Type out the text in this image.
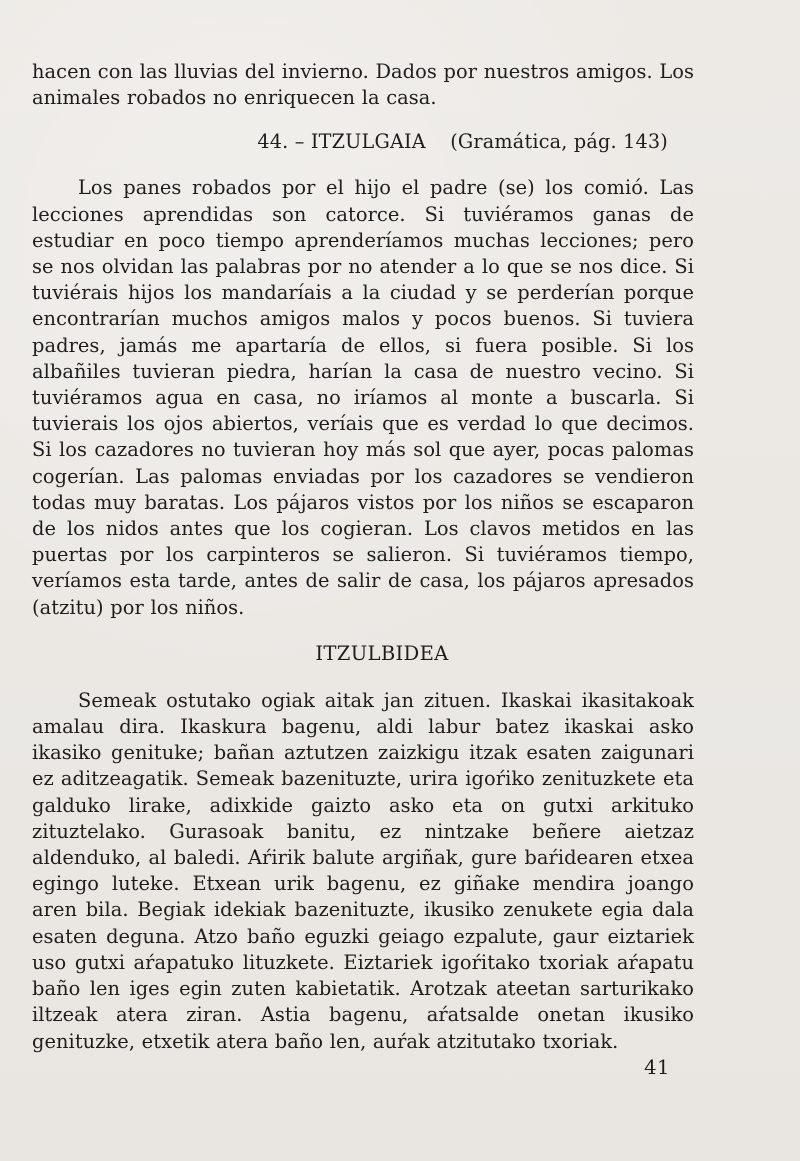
hacen con las lluvias del invierno. Dados por nuestros amigos. Los animales robados no enriquecen la casa.

44. – ITZULGAIA (Gramática, pág. 143)

Los panes robados por el hijo el padre (se) los comió. Las lecciones aprendidas son catorce. Si tuviéramos ganas de estudiar en poco tiempo aprenderíamos muchas lecciones; pero se nos olvidan las palabras por no atender a lo que se nos dice. Si tuviérais hijos los mandaríais a la ciudad y se perderían porque encontrarían muchos amigos malos y pocos buenos. Si tuviera padres, jamás me apartaría de ellos, si fuera posible. Si los albañiles tuvieran piedra, harían la casa de nuestro vecino. Si tuviéramos agua en casa, no iríamos al monte a buscarla. Si tuvierais los ojos abiertos, veríais que es verdad lo que decimos. Si los cazadores no tuvieran hoy más sol que ayer, pocas palomas cogerían. Las palomas enviadas por los cazadores se vendieron todas muy baratas. Los pájaros vistos por los niños se escaparon de los nidos antes que los cogieran. Los clavos metidos en las puertas por los carpinteros se salieron. Si tuviéramos tiempo, veríamos esta tarde, antes de salir de casa, los pájaros apresados (atzitu) por los niños.

ITZULBIDEA

Semeak ostutako ogiak aitak jan zituen. Ikaskai ikasitakoak amalau dira. Ikaskura bagenu, aldi labur batez ikaskai asko ikasiko genituke; bañan aztutzen zaizkigu itzak esaten zaigunari ez aditzeagatik. Semeak bazenituzte, urira igoŕiko zenituzkete eta galduko lirake, adixkide gaizto asko eta on gutxi arkituko zituztelako. Gurasoak banitu, ez nintzake beñere aietzaz aldenduko, al baledi. Aŕirik balute argiñak, gure baŕidearen etxea egingo luteke. Etxean urik bagenu, ez giñake mendira joango aren bila. Begiak idekiak bazenituzte, ikusiko zenukete egia dala esaten deguna. Atzo baño eguzki geiago ezpalute, gaur eiztariek uso gutxi aŕapatuko lituzkete. Eiztariek igoŕitako txoriak aŕapatu baño len iges egin zuten kabietatik. Arotzak ateetan sarturikako iltzeak atera ziran. Astia bagenu, aŕatsalde onetan ikusiko genituzke, etxetik atera baño len, auŕak atzitutako txoriak.

41
